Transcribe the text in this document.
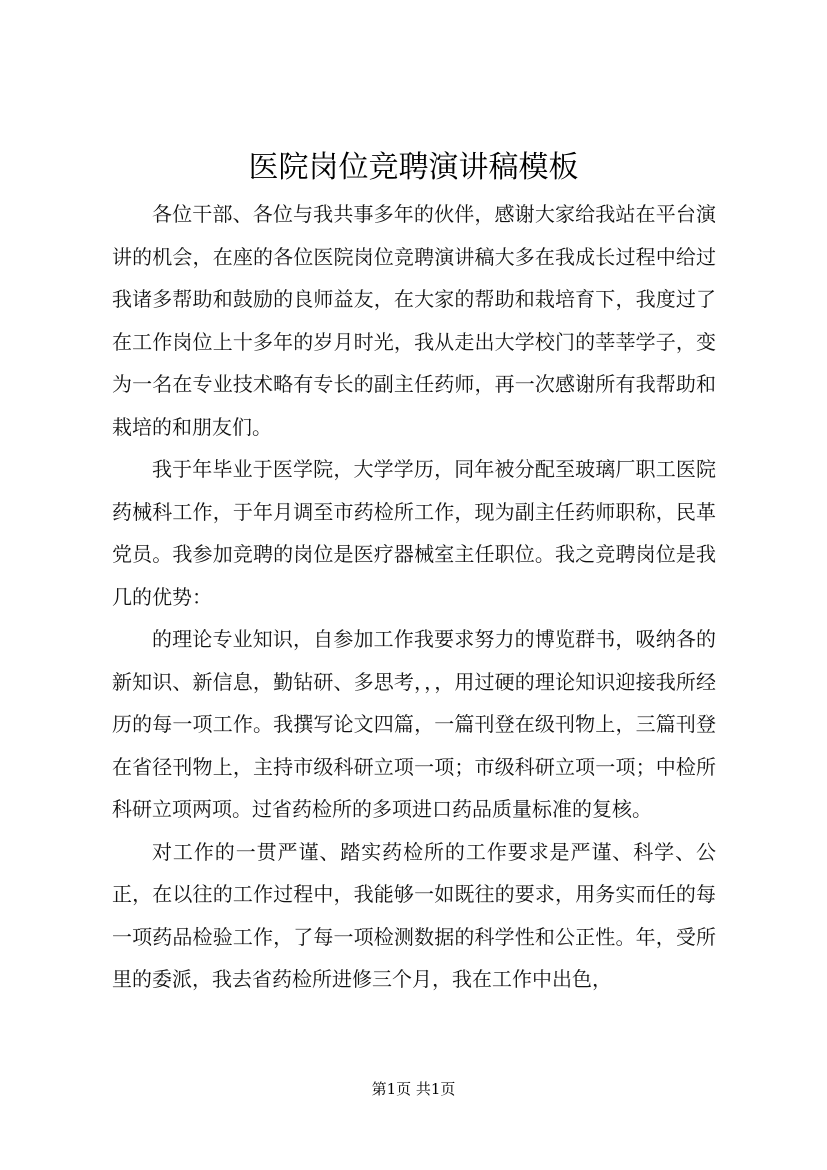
医院岗位竞聘演讲稿模板

各位干部、各位与我共事多年的伙伴，感谢大家给我站在平台演讲的机会，在座的各位医院岗位竞聘演讲稿大多在我成长过程中给过我诸多帮助和鼓励的良师益友，在大家的帮助和栽培育下，我度过了在工作岗位上十多年的岁月时光，我从走出大学校门的莘莘学子，变为一名在专业技术略有专长的副主任药师，再一次感谢所有我帮助和栽培的和朋友们。

我于年毕业于医学院，大学学历，同年被分配至玻璃厂职工医院药械科工作，于年月调至市药检所工作，现为副主任药师职称，民革党员。我参加竞聘的岗位是医疗器械室主任职位。我之竞聘岗位是我几的优势：

的理论专业知识，自参加工作我要求努力的博览群书，吸纳各的新知识、新信息，勤钻研、多思考，，，用过硬的理论知识迎接我所经历的每一项工作。我撰写论文四篇，一篇刊登在级刊物上，三篇刊登在省径刊物上，主持市级科研立项一项；市级科研立项一项；中检所科研立项两项。过省药检所的多项进口药品质量标准的复核。

对工作的一贯严谨、踏实药检所的工作要求是严谨、科学、公正，在以往的工作过程中，我能够一如既往的要求，用务实而任的每一项药品检验工作，了每一项检测数据的科学性和公正性。年，受所里的委派，我去省药检所进修三个月，我在工作中出色，

第1页 共1页
